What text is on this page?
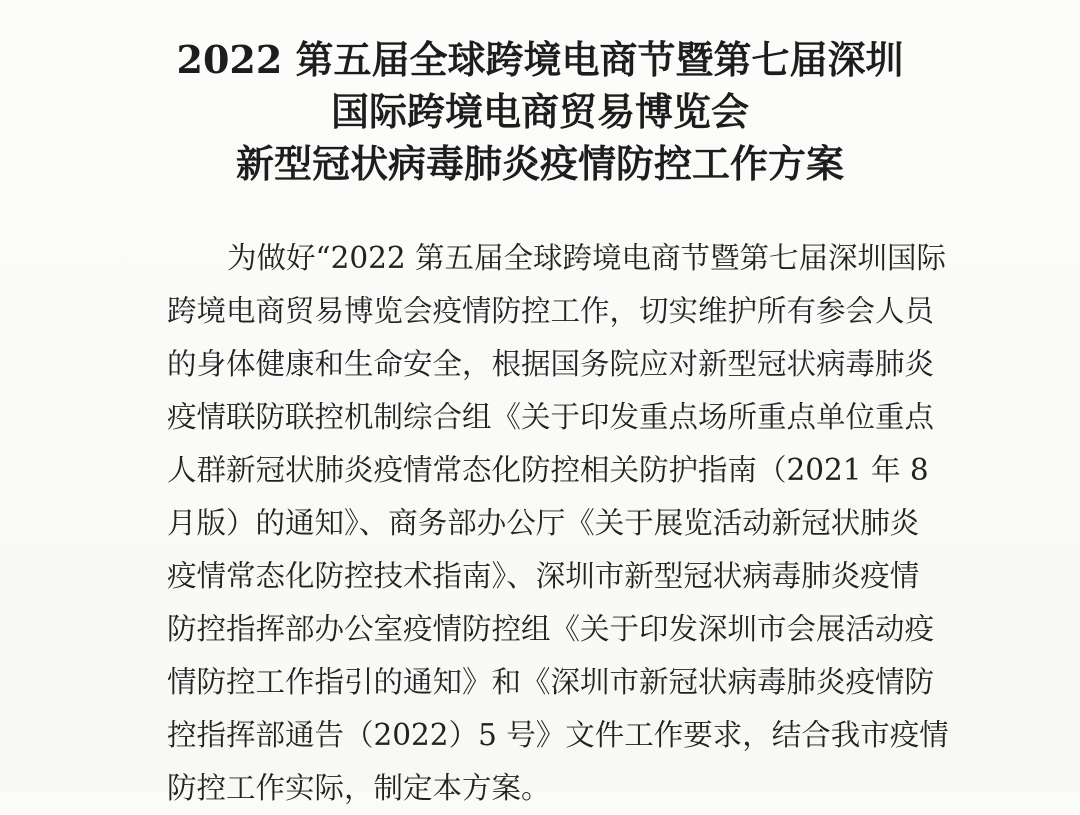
2022 第五届全球跨境电商节暨第七届深圳
国际跨境电商贸易博览会
新型冠状病毒肺炎疫情防控工作方案
为做好“2022 第五届全球跨境电商节暨第七届深圳国际
跨境电商贸易博览会疫情防控工作，切实维护所有参会人员
的身体健康和生命安全，根据国务院应对新型冠状病毒肺炎
疫情联防联控机制综合组《关于印发重点场所重点单位重点
人群新冠状肺炎疫情常态化防控相关防护指南（2021 年 8
月版）的通知》、商务部办公厅《关于展览活动新冠状肺炎
疫情常态化防控技术指南》、深圳市新型冠状病毒肺炎疫情
防控指挥部办公室疫情防控组《关于印发深圳市会展活动疫
情防控工作指引的通知》和《深圳市新冠状病毒肺炎疫情防
控指挥部通告（2022）5 号》文件工作要求，结合我市疫情
防控工作实际，制定本方案。
